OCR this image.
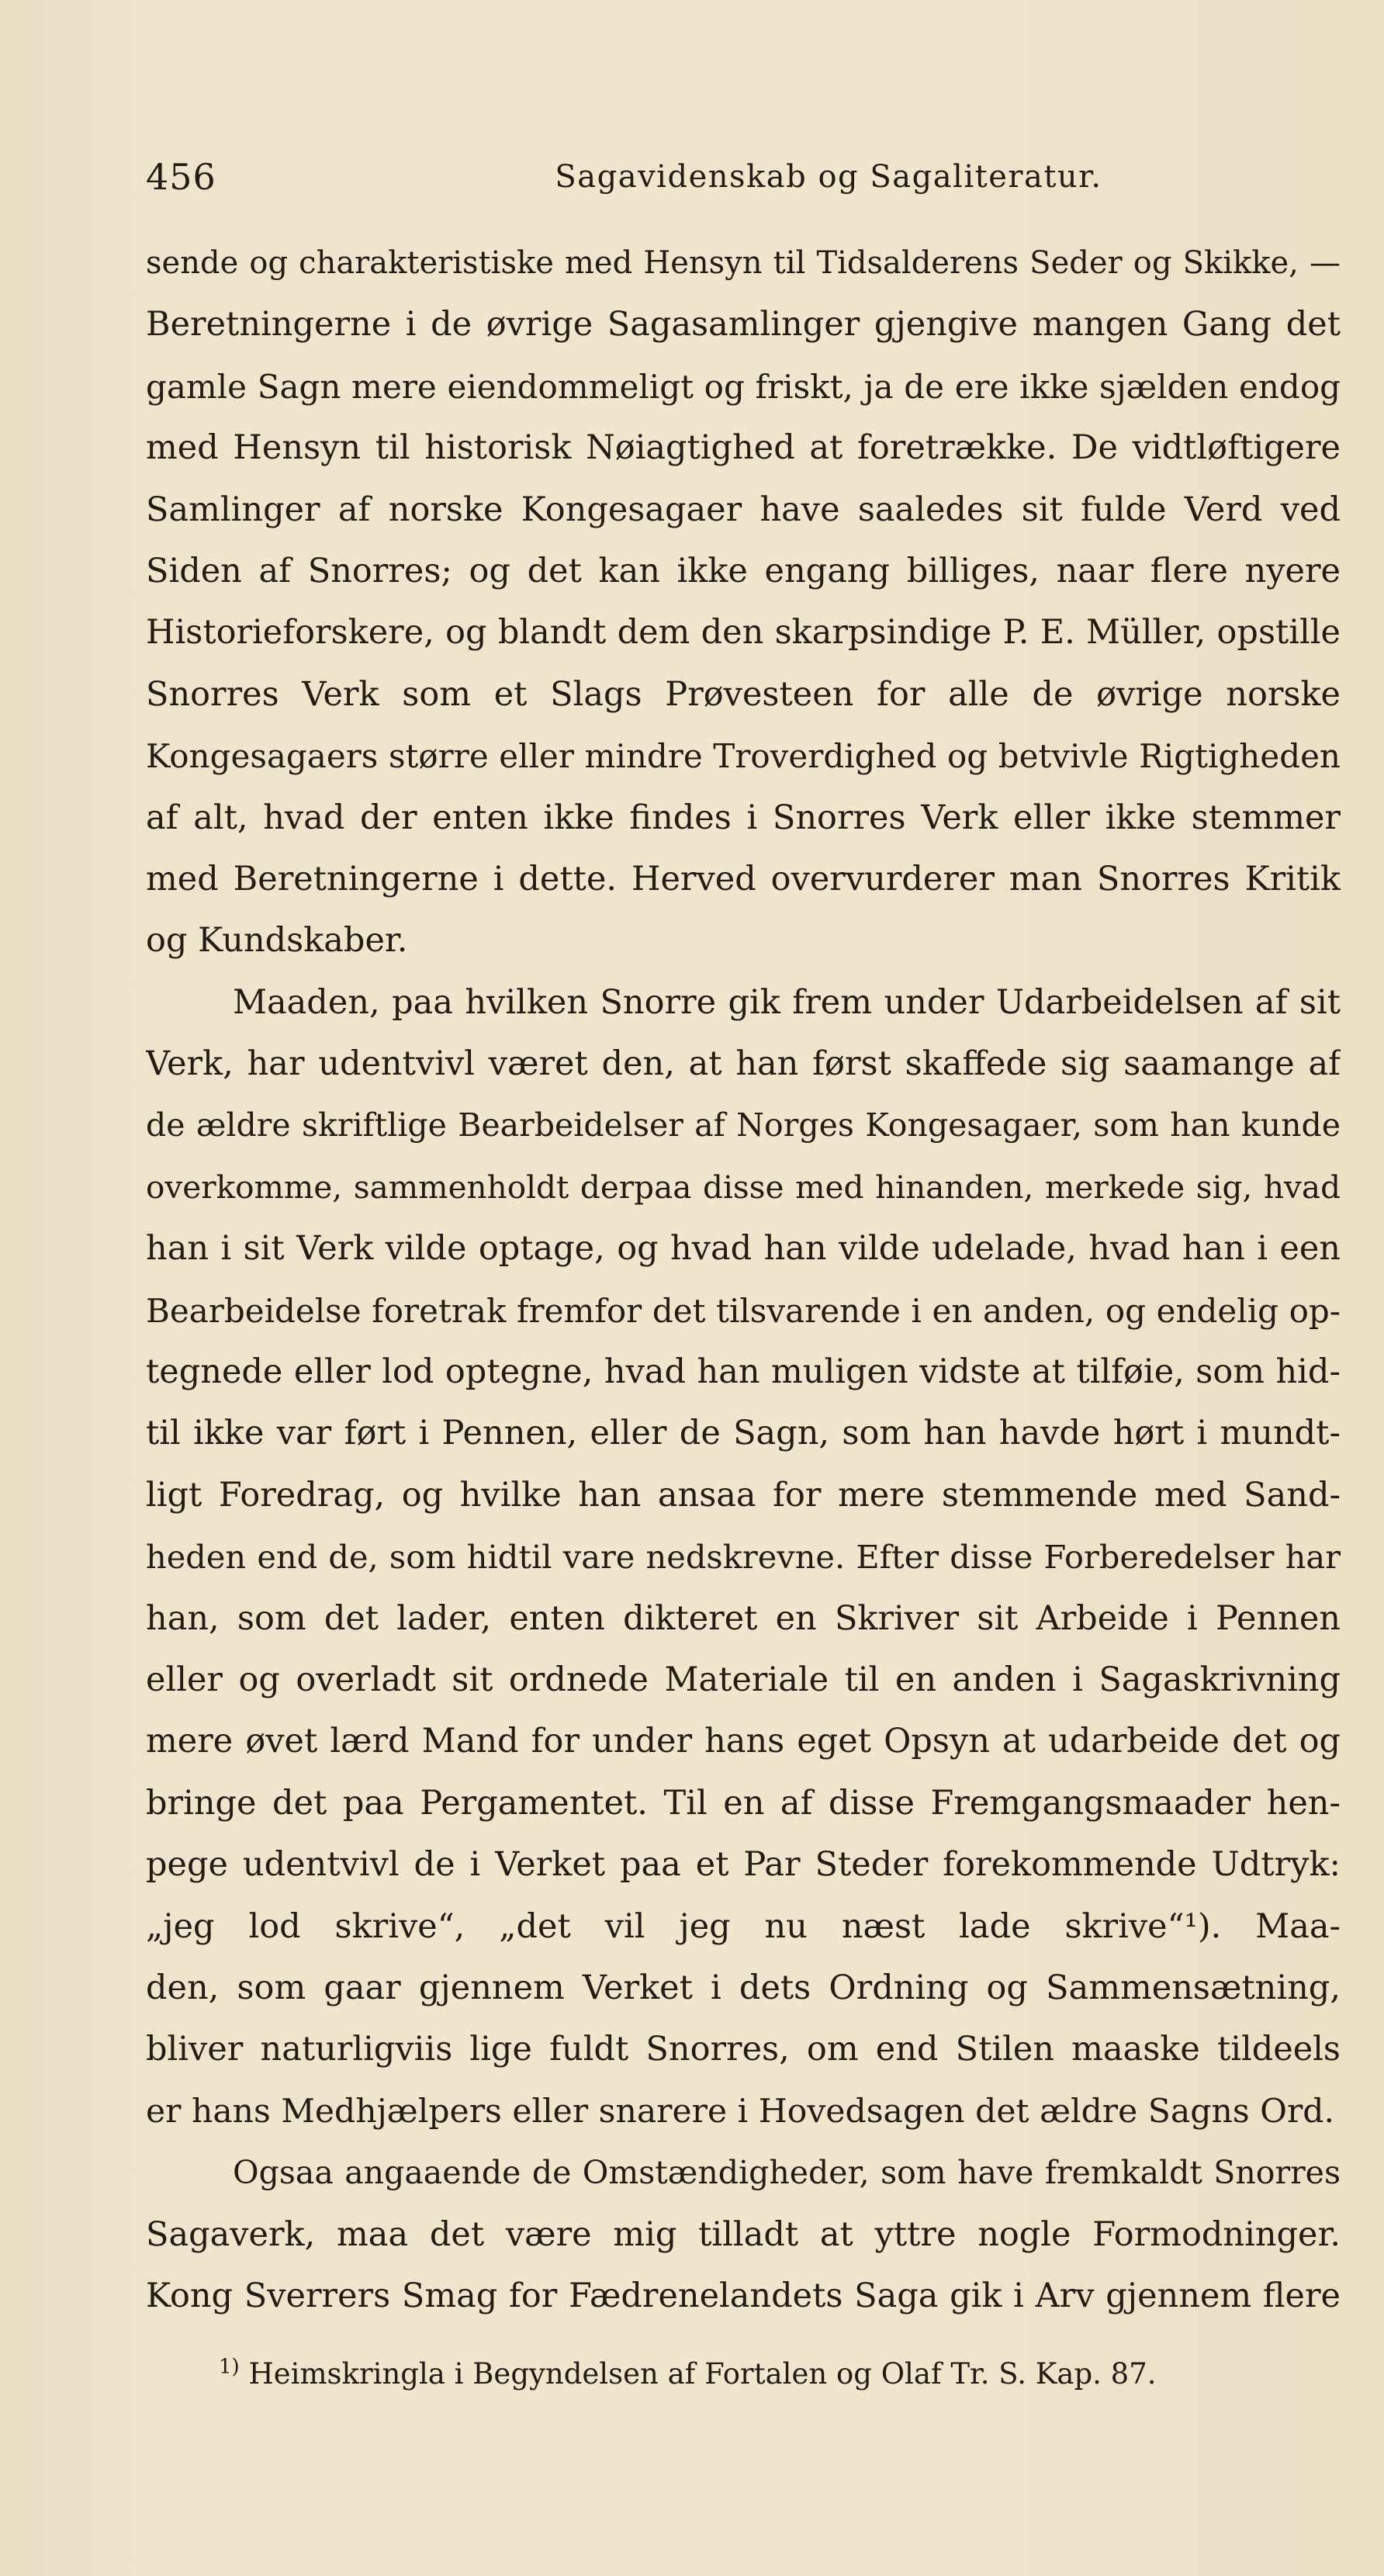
456	Sagavidenskab og Sagaliteratur.
sende og charakteristiske med Hensyn til Tidsalderens Seder og Skikke, —
Beretningerne i de øvrige Sagasamlinger gjengive mangen Gang det
gamle Sagn mere eiendommeligt og friskt, ja de ere ikke sjælden endog
med Hensyn til historisk Nøiagtighed at foretrække. De vidtløftigere
Samlinger af norske Kongesagaer have saaledes sit fulde Verd ved
Siden af Snorres; og det kan ikke engang billiges, naar flere nyere
Historieforskere, og blandt dem den skarpsindige P. E. Müller, opstille
Snorres Verk som et Slags Prøvesteen for alle de øvrige norske
Kongesagaers større eller mindre Troverdighed og betvivle Rigtigheden
af alt, hvad der enten ikke findes i Snorres Verk eller ikke stemmer
med Beretningerne i dette. Herved overvurderer man Snorres Kritik
og Kundskaber.
Maaden, paa hvilken Snorre gik frem under Udarbeidelsen af sit
Verk, har udentvivl været den, at han først skaffede sig saamange af
de ældre skriftlige Bearbeidelser af Norges Kongesagaer, som han kunde
overkomme, sammenholdt derpaa disse med hinanden, merkede sig, hvad
han i sit Verk vilde optage, og hvad han vilde udelade, hvad han i een
Bearbeidelse foretrak fremfor det tilsvarende i en anden, og endelig op-
tegnede eller lod optegne, hvad han muligen vidste at tilføie, som hid-
til ikke var ført i Pennen, eller de Sagn, som han havde hørt i mundt-
ligt Foredrag, og hvilke han ansaa for mere stemmende med Sand-
heden end de, som hidtil vare nedskrevne. Efter disse Forberedelser har
han, som det lader, enten dikteret en Skriver sit Arbeide i Pennen
eller og overladt sit ordnede Materiale til en anden i Sagaskrivning
mere øvet lærd Mand for under hans eget Opsyn at udarbeide det og
bringe det paa Pergamentet. Til en af disse Fremgangsmaader hen-
pege udentvivl de i Verket paa et Par Steder forekommende Udtryk:
„jeg lod skrive“, „det vil jeg nu næst lade skrive“¹). Maa-
den, som gaar gjennem Verket i dets Ordning og Sammensætning,
bliver naturligviis lige fuldt Snorres, om end Stilen maaske tildeels
er hans Medhjælpers eller snarere i Hovedsagen det ældre Sagns Ord.
Ogsaa angaaende de Omstændigheder, som have fremkaldt Snorres
Sagaverk, maa det være mig tilladt at yttre nogle Formodninger.
Kong Sverrers Smag for Fædrenelandets Saga gik i Arv gjennem flere
$^{1)}$ Heimskringla i Begyndelsen af Fortalen og Olaf Tr. S. Kap. 87.
